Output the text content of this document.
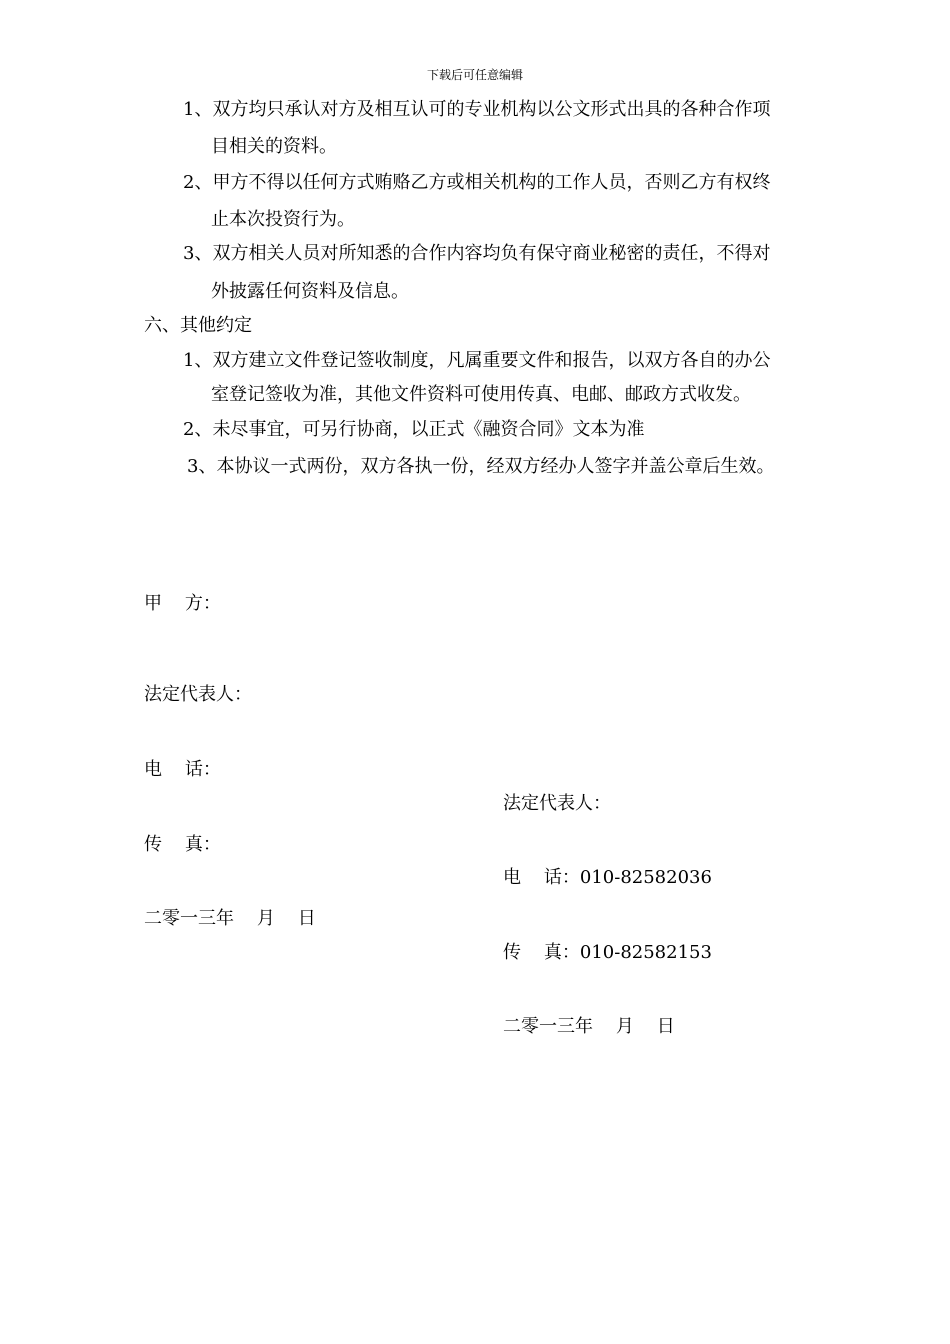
下载后可任意编辑
1、双方均只承认对方及相互认可的专业机构以公文形式出具的各种合作项
目相关的资料。
2、甲方不得以任何方式贿赂乙方或相关机构的工作人员，否则乙方有权终
止本次投资行为。
3、双方相关人员对所知悉的合作内容均负有保守商业秘密的责任，不得对
外披露任何资料及信息。
六、其他约定
1、双方建立文件登记签收制度，凡属重要文件和报告，以双方各自的办公
室登记签收为准，其他文件资料可使用传真、电邮、邮政方式收发。
2、未尽事宜，可另行协商，以正式《融资合同》文本为准
3、本协议一式两份，双方各执一份，经双方经办人签字并盖公章后生效。
甲    方：
法定代表人：
电    话：
传    真：
二零一三年    月    日
法定代表人：
电    话：010-82582036
传    真：010-82582153
二零一三年    月    日
